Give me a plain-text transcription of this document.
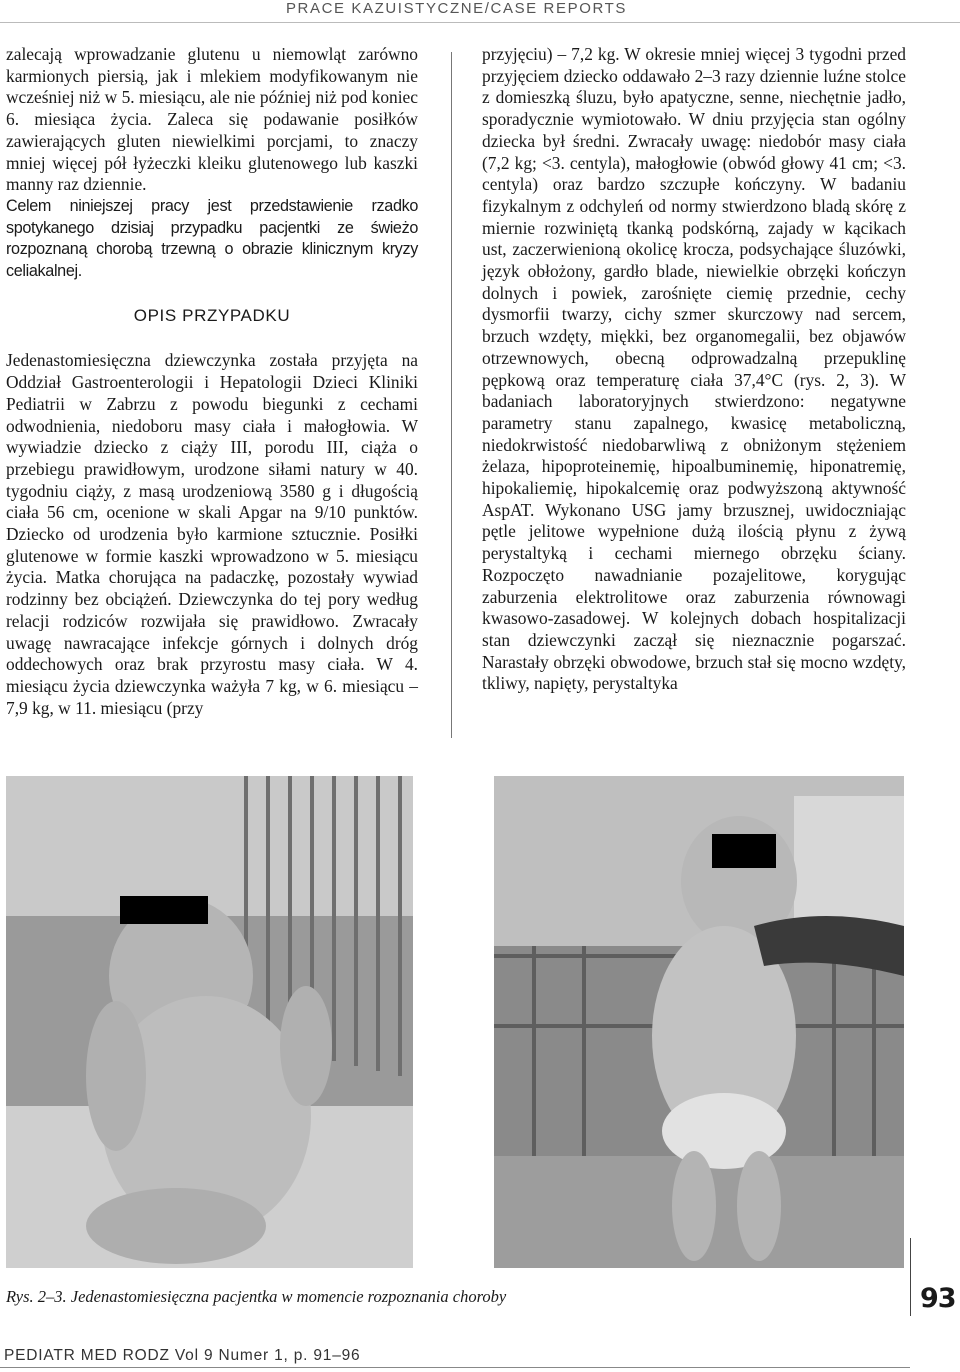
PRACE KAZUISTYCZNE/CASE REPORTS

zalecają wprowadzanie glutenu u niemowląt zarówno karmionych piersią, jak i mlekiem modyfikowanym nie wcześniej niż w 5. miesiącu, ale nie później niż pod koniec 6. miesiąca życia. Zaleca się podawanie posiłków zawierających gluten niewielkimi porcjami, to znaczy mniej więcej pół łyżeczki kleiku glutenowego lub kaszki manny raz dziennie.

Celem niniejszej pracy jest przedstawienie rzadko spotykanego dzisiaj przypadku pacjentki ze świeżo rozpoznaną chorobą trzewną o obrazie klinicznym kryzy celiakalnej.

OPIS PRZYPADKU

Jedenastomiesięczna dziewczynka została przyjęta na Oddział Gastroenterologii i Hepatologii Dzieci Kliniki Pediatrii w Zabrzu z powodu biegunki z cechami odwodnienia, niedoboru masy ciała i małogłowia. W wywiadzie dziecko z ciąży III, porodu III, ciąża o przebiegu prawidłowym, urodzone siłami natury w 40. tygodniu ciąży, z masą urodzeniową 3580 g i długością ciała 56 cm, ocenione w skali Apgar na 9/10 punktów. Dziecko od urodzenia było karmione sztucznie. Posiłki glutenowe w formie kaszki wprowadzono w 5. miesiącu życia. Matka chorująca na padaczkę, pozostały wywiad rodzinny bez obciążeń. Dziewczynka do tej pory według relacji rodziców rozwijała się prawidłowo. Zwracały uwagę nawracające infekcje górnych i dolnych dróg oddechowych oraz brak przyrostu masy ciała. W 4. miesiącu życia dziewczynka ważyła 7 kg, w 6. miesiącu – 7,9 kg, w 11. miesiącu (przy

przyjęciu) – 7,2 kg. W okresie mniej więcej 3 tygodni przed przyjęciem dziecko oddawało 2–3 razy dziennie luźne stolce z domieszką śluzu, było apatyczne, senne, niechętnie jadło, sporadycznie wymiotowało. W dniu przyjęcia stan ogólny dziecka był średni. Zwracały uwagę: niedobór masy ciała (7,2 kg; <3. centyla), małogłowie (obwód głowy 41 cm; <3. centyla) oraz bardzo szczupłe kończyny. W badaniu fizykalnym z odchyleń od normy stwierdzono bladą skórę z miernie rozwiniętą tkanką podskórną, zajady w kącikach ust, zaczerwienioną okolicę krocza, podsychające śluzówki, język obłożony, gardło blade, niewielkie obrzęki kończyn dolnych i powiek, zarośnięte ciemię przednie, cechy dysmorfii twarzy, cichy szmer skurczowy nad sercem, brzuch wzdęty, miękki, bez organomegalii, bez objawów otrzewnowych, obecną odprowadzalną przepuklinę pępkową oraz temperaturę ciała 37,4°C (rys. 2, 3). W badaniach laboratoryjnych stwierdzono: negatywne parametry stanu zapalnego, kwasicę metaboliczną, niedokrwistość niedobarwliwą z obniżonym stężeniem żelaza, hipoproteinemię, hipoalbuminemię, hiponatremię, hipokaliemię, hipokalcemię oraz podwyższoną aktywność AspAT. Wykonano USG jamy brzusznej, uwidoczniając pętle jelitowe wypełnione dużą ilością płynu z żywą perystaltyką i cechami miernego obrzęku ściany. Rozpoczęto nawadnianie pozajelitowe, korygując zaburzenia elektrolitowe oraz zaburzenia równowagi kwasowo-zasadowej. W kolejnych dobach hospitalizacji stan dziewczynki zaczął się nieznacznie pogarszać. Narastały obrzęki obwodowe, brzuch stał się mocno wzdęty, tkliwy, napięty, perystaltyka

Rys. 2–3. Jedenastomiesięczna pacjentka w momencie rozpoznania choroby	93
PEDIATR MED RODZ Vol 9 Numer 1, p. 91–96
